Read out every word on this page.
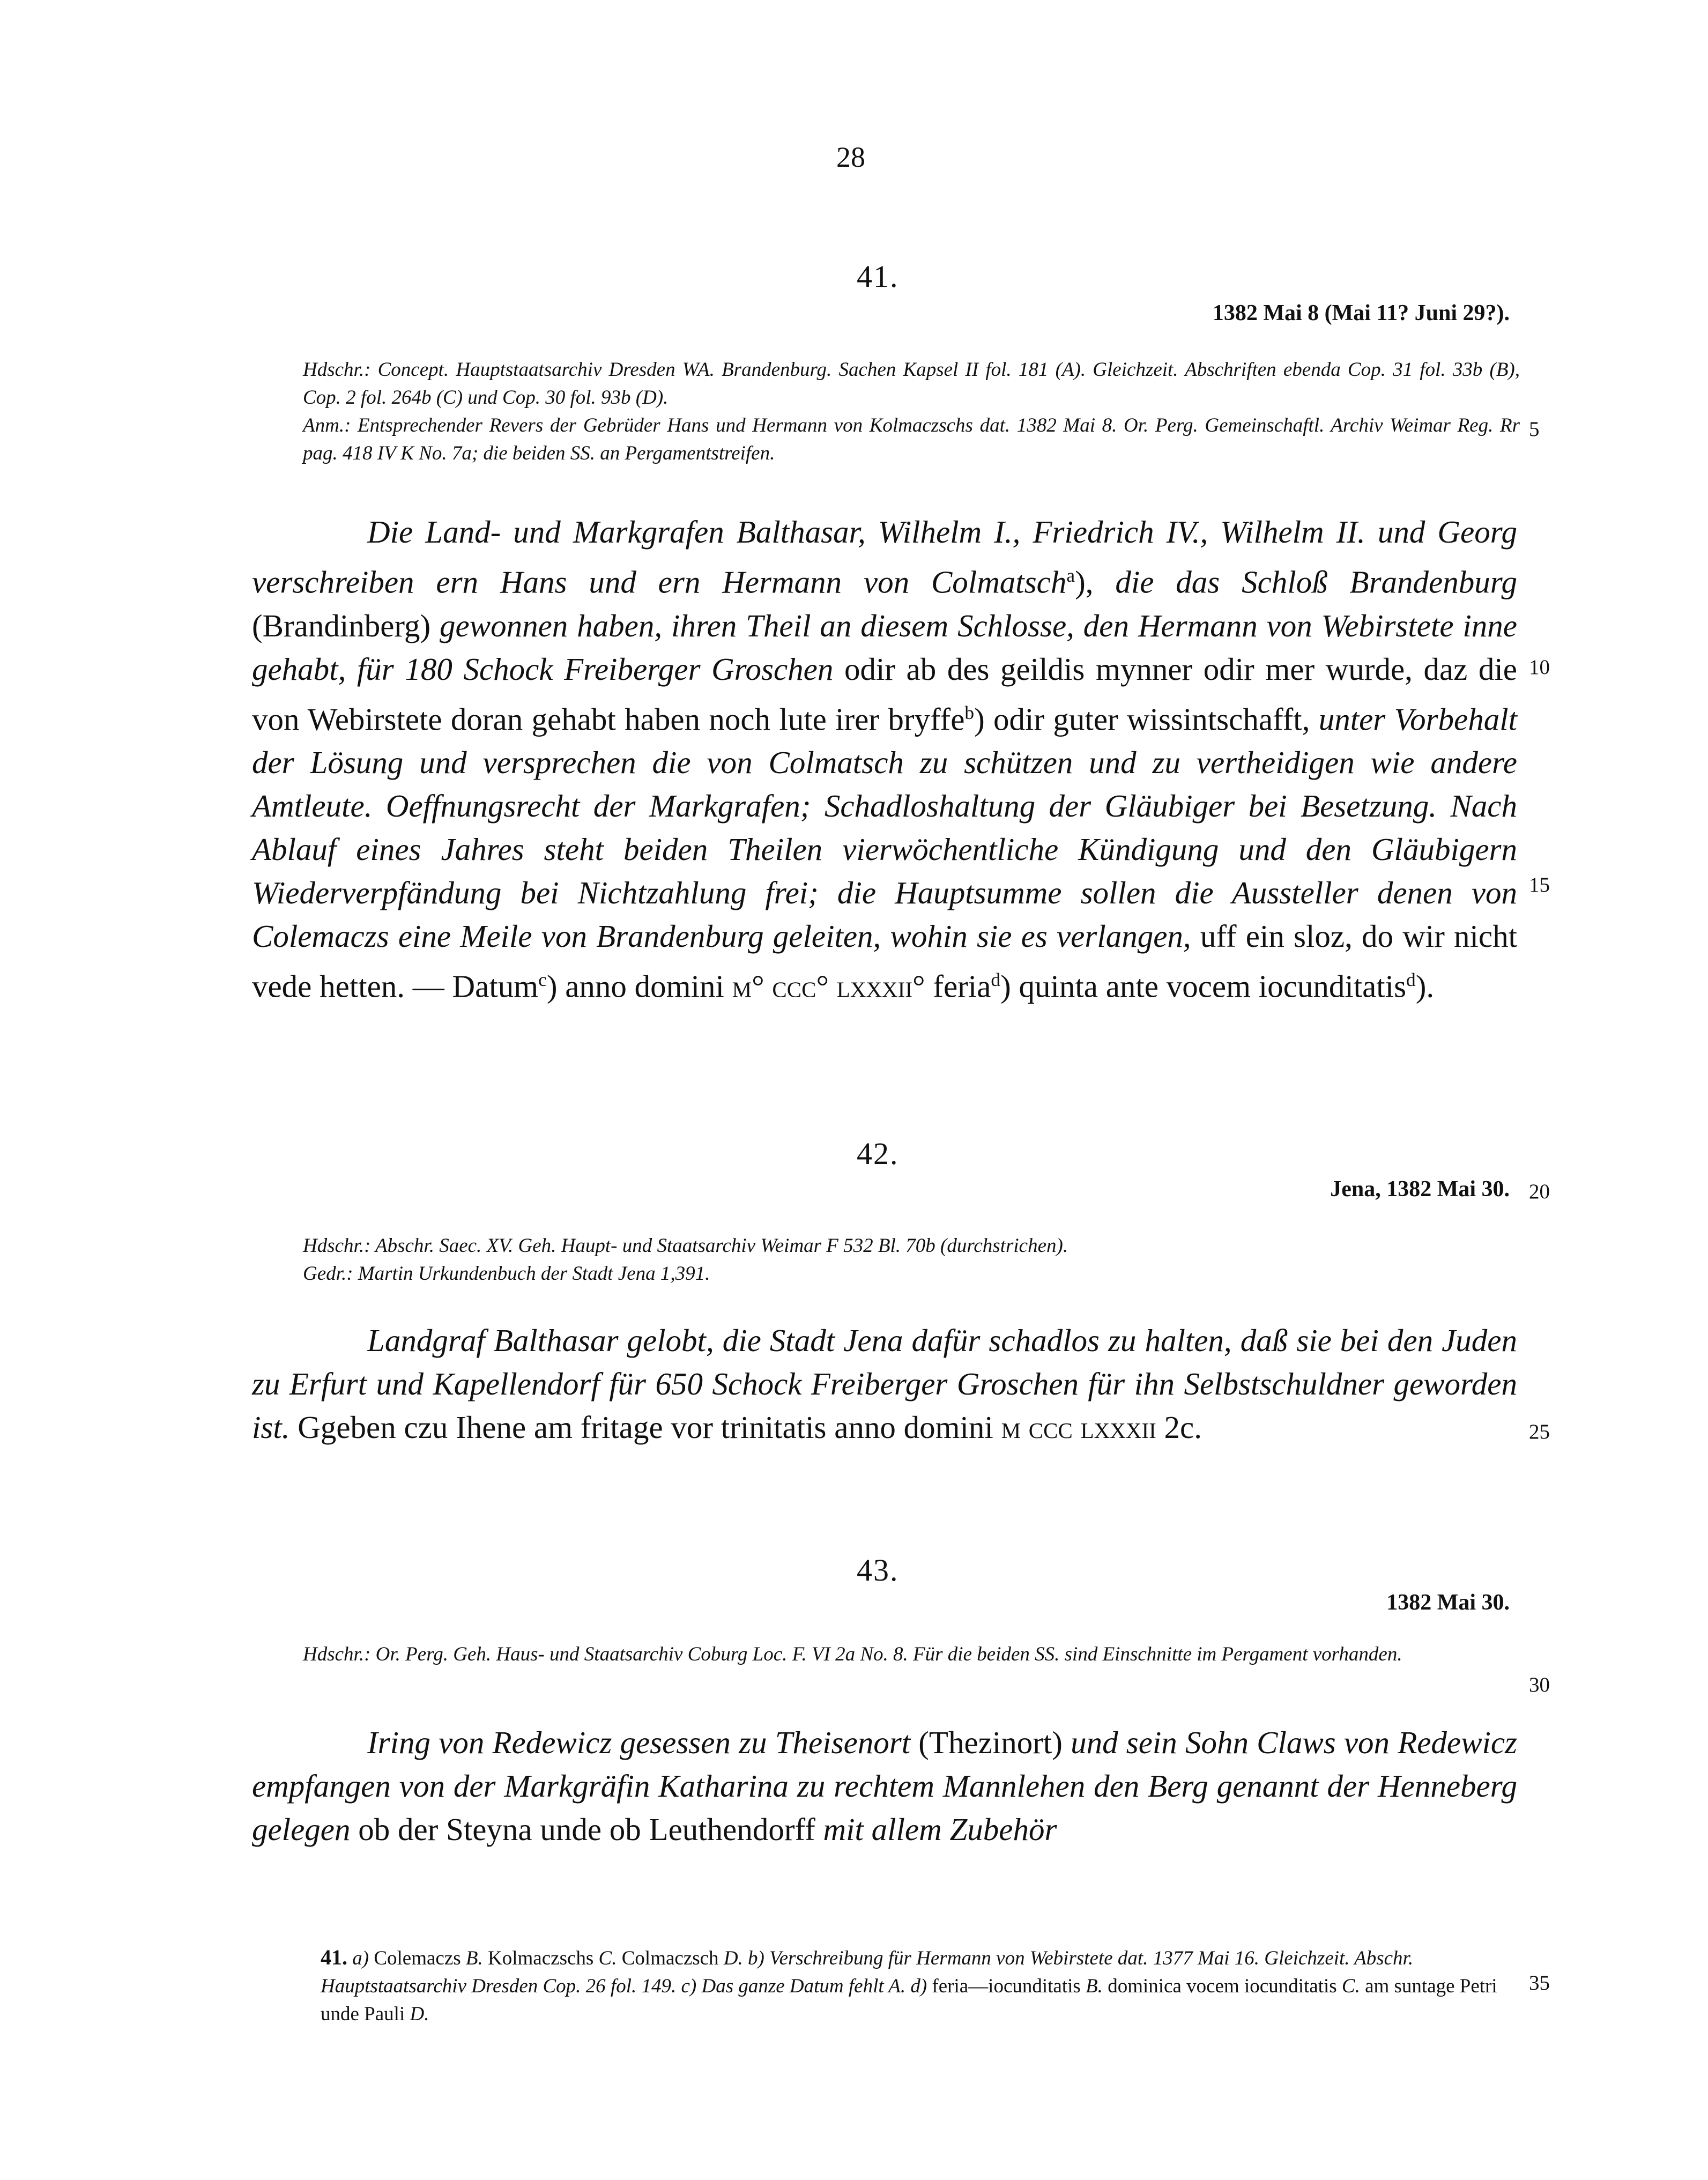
28
41.
1382 Mai 8 (Mai 11? Juni 29?).

Hdschr.: Concept. Hauptstaatsarchiv Dresden WA. Brandenburg. Sachen Kapsel II fol. 181 (A). Gleichzeit. Abschriften ebenda Cop. 31 fol. 33b (B), Cop. 2 fol. 264b (C) und Cop. 30 fol. 93b (D).

Anm.: Entsprechender Revers der Gebrüder Hans und Hermann von Kolmaczschs dat. 1382 Mai 8. Or. Perg. Gemeinschaftl. Archiv Weimar Reg. Rr pag. 418 IV K No. 7a; die beiden SS. an Pergamentstreifen.

Die Land- und Markgrafen Balthasar, Wilhelm I., Friedrich IV., Wilhelm II. und Georg verschreiben ern Hans und ern Hermann von Colmatsch$^a$), die das Schloß Brandenburg (Brandinberg) gewonnen haben, ihren Theil an diesem Schlosse, den Hermann von Webirstete inne gehabt, für 180 Schock Freiberger Groschen odir ab des geildis mynner odir mer wurde, daz die von Webirstete doran gehabt haben noch lute irer bryffe$^b$) odir guter wissintschafft, unter Vorbehalt der Lösung und versprechen die von Colmatsch zu schützen und zu vertheidigen wie andere Amtleute. Oeffnungsrecht der Markgrafen; Schadloshaltung der Gläubiger bei Besetzung. Nach Ablauf eines Jahres steht beiden Theilen vierwöchentliche Kündigung und den Gläubigern Wiederverpfändung bei Nichtzahlung frei; die Hauptsumme sollen die Aussteller denen von Colemaczs eine Meile von Brandenburg geleiten, wohin sie es verlangen, uff ein sloz, do wir nicht vede hetten. — Datum$^c$) anno domini m° ccc° lxxxii° feria$^d$) quinta ante vocem iocunditatis$^d$).

42.
Jena, 1382 Mai 30.

Hdschr.: Abschr. Saec. XV. Geh. Haupt- und Staatsarchiv Weimar F 532 Bl. 70b (durchstrichen).

Gedr.: Martin Urkundenbuch der Stadt Jena 1,391.

Landgraf Balthasar gelobt, die Stadt Jena dafür schadlos zu halten, daß sie bei den Juden zu Erfurt und Kapellendorf für 650 Schock Freiberger Groschen für ihn Selbstschuldner geworden ist. Ggeben czu Ihene am fritage vor trinitatis anno domini m ccc lxxxii 2c.

43.
1382 Mai 30.

Hdschr.: Or. Perg. Geh. Haus- und Staatsarchiv Coburg Loc. F. VI 2a No. 8. Für die beiden SS. sind Einschnitte im Pergament vorhanden.

Iring von Redewicz gesessen zu Theisenort (Thezinort) und sein Sohn Claws von Redewicz empfangen von der Markgräfin Katharina zu rechtem Mannlehen den Berg genannt der Henneberg gelegen ob der Steyna unde ob Leuthendorff mit allem Zubehör

41. a) Colemaczs B. Kolmaczschs C. Colmaczsch D. b) Verschreibung für Hermann von Webirstete dat. 1377 Mai 16. Gleichzeit. Abschr. Hauptstaatsarchiv Dresden Cop. 26 fol. 149. c) Das ganze Datum fehlt A. d) feria—iocunditatis B. dominica vocem iocunditatis C. am suntage Petri unde Pauli D.

5
10
15
20
25
30
35
